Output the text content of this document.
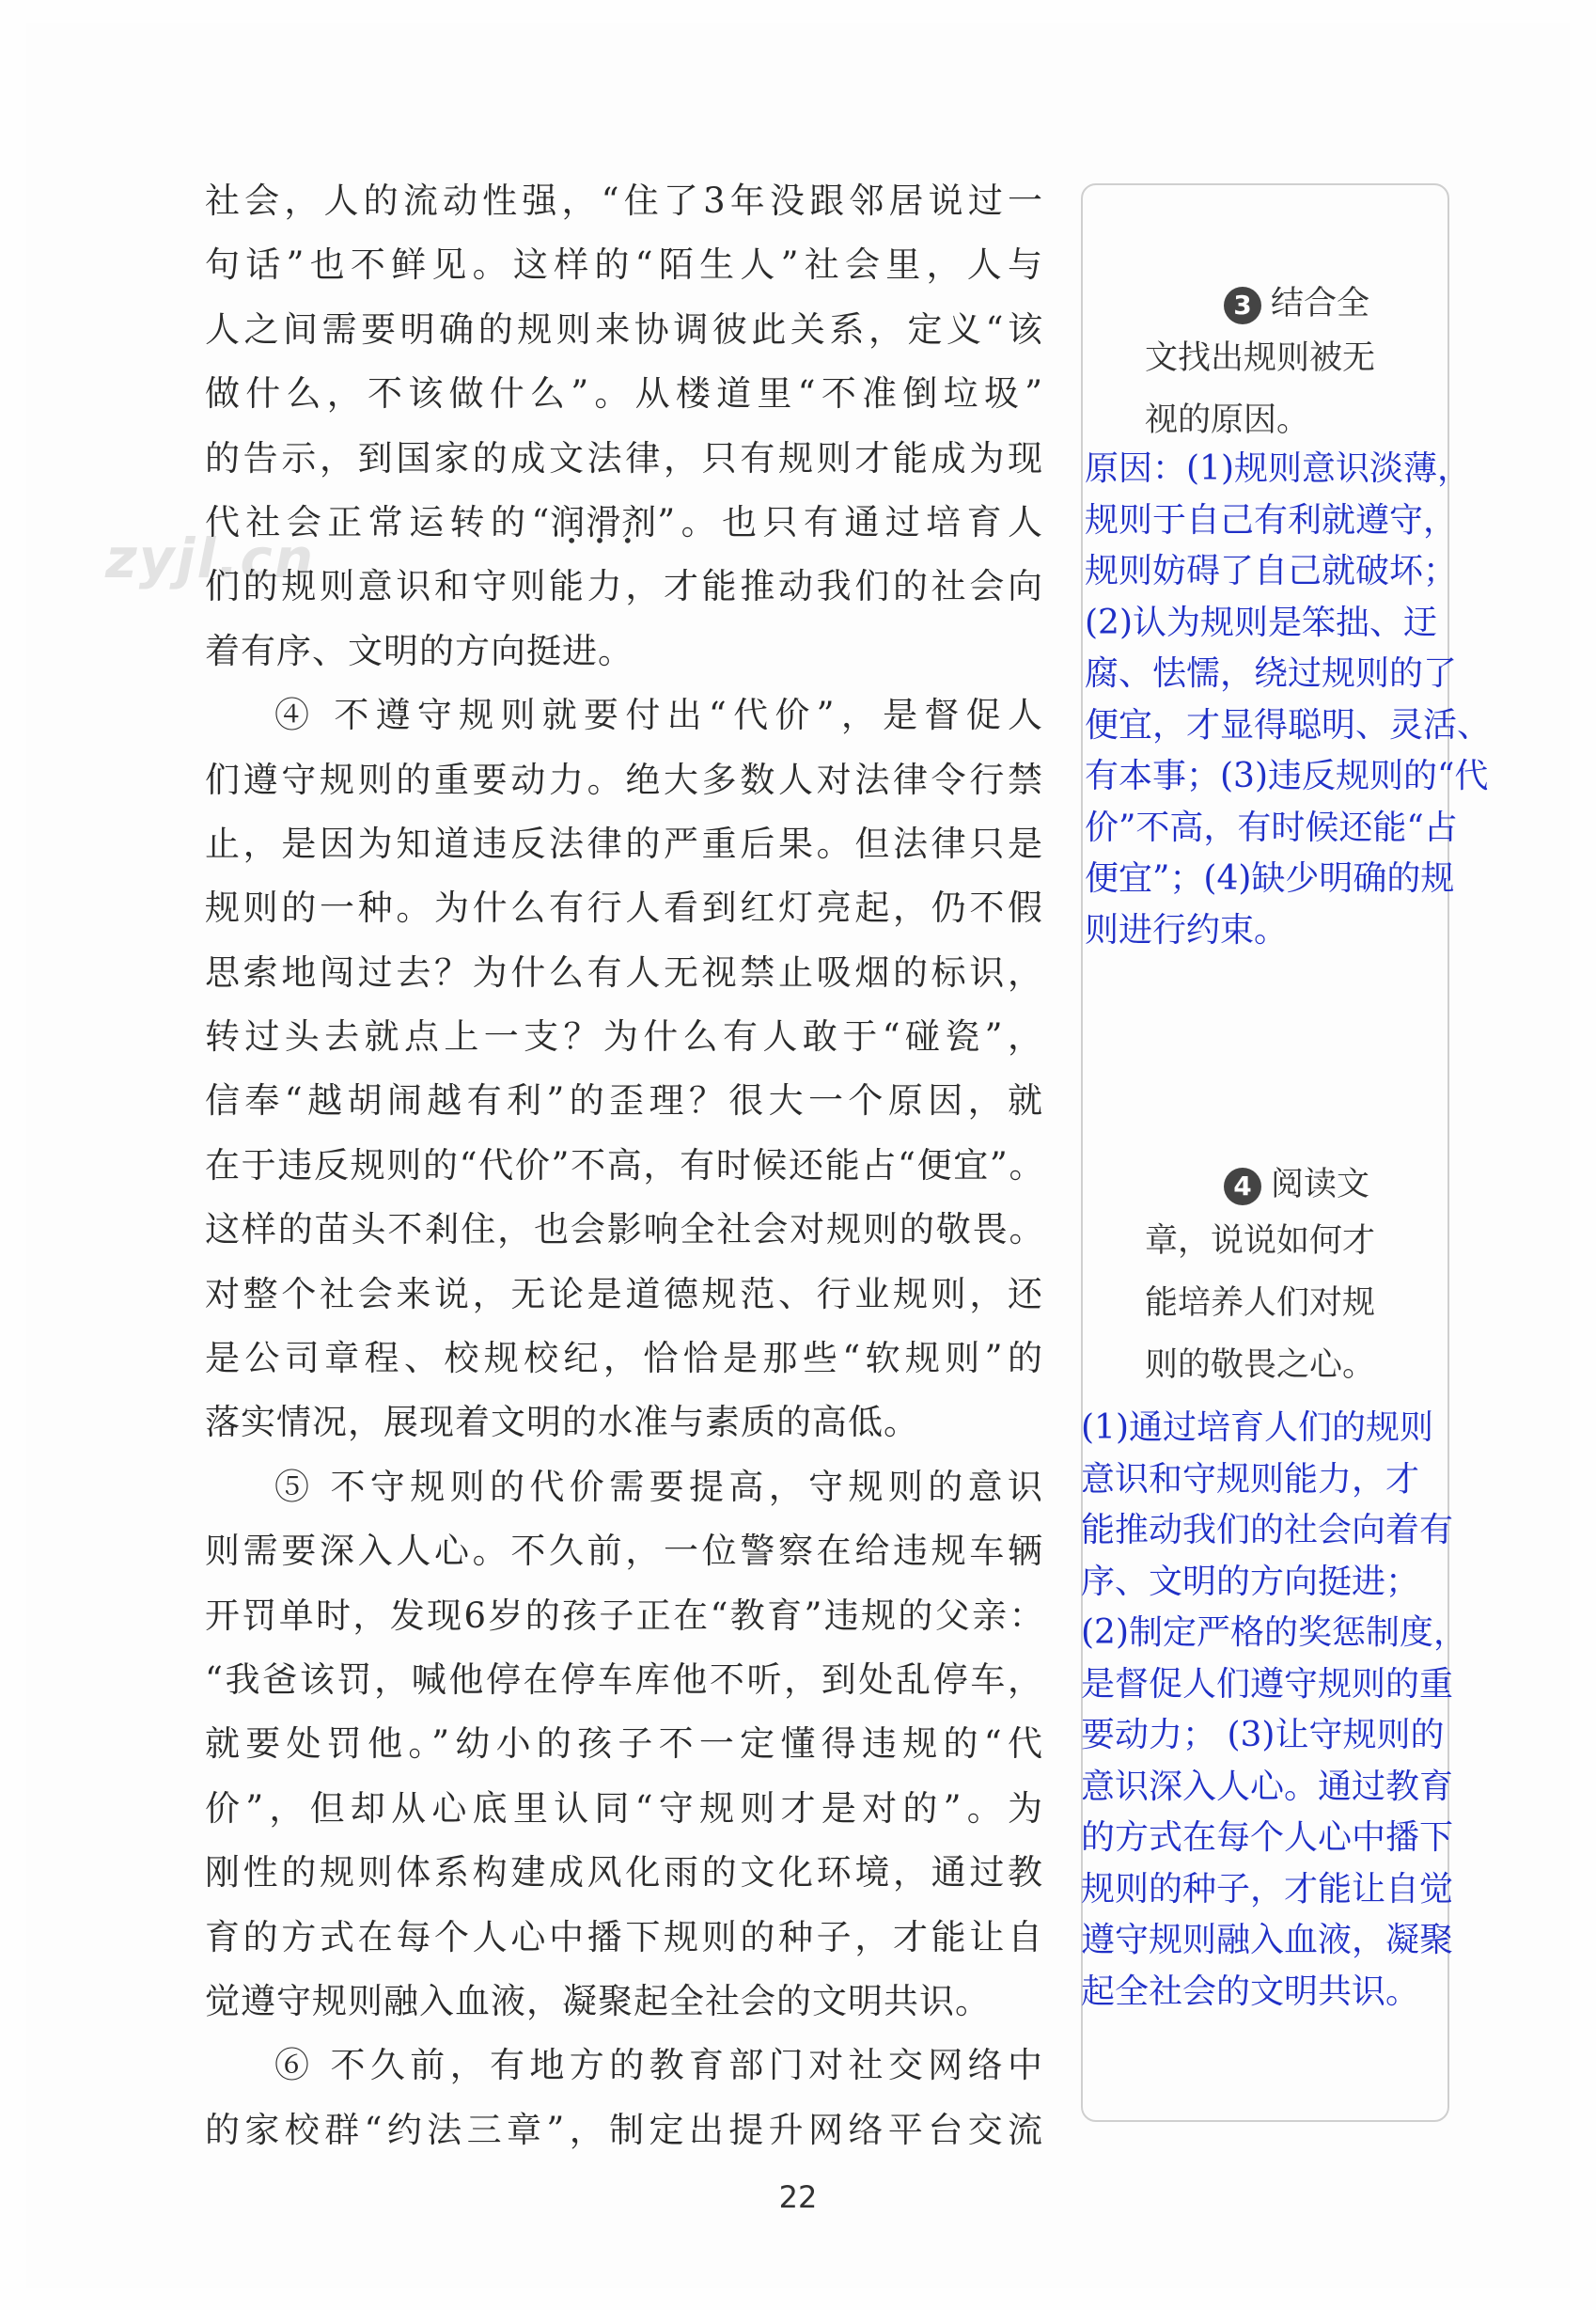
zyjl.cn
社会，人的流动性强，“住了3年没跟邻居说过一
句话”也不鲜见。这样的“陌生人”社会里，人与
人之间需要明确的规则来协调彼此关系，定义“该
做什么，不该做什么”。从楼道里“不准倒垃圾”
的告示，到国家的成文法律，只有规则才能成为现
代社会正常运转的“润滑剂 • • •”。也只有通过培育人
们的规则意识和守则能力，才能推动我们的社会向
着有序、文明的方向挺进。
④ 不遵守规则就要付出“代价”，是督促人
们遵守规则的重要动力。绝大多数人对法律令行禁
止，是因为知道违反法律的严重后果。但法律只是
规则的一种。为什么有行人看到红灯亮起，仍不假
思索地闯过去？为什么有人无视禁止吸烟的标识，
转过头去就点上一支？为什么有人敢于“碰瓷”，
信奉“越胡闹越有利”的歪理？很大一个原因，就
在于违反规则的“代价”不高，有时候还能占“便宜”。
这样的苗头不剎住，也会影响全社会对规则的敬畏。
对整个社会来说，无论是道德规范、行业规则，还
是公司章程、校规校纪，恰恰是那些“软规则”的
落实情况，展现着文明的水准与素质的高低。
⑤ 不守规则的代价需要提高，守规则的意识
则需要深入人心。不久前，一位警察在给违规车辆
开罚单时，发现6岁的孩子正在“教育”违规的父亲：
“我爸该罚，喊他停在停车库他不听，到处乱停车，
就要处罚他。”幼小的孩子不一定懂得违规的“代
价”，但却从心底里认同“守规则才是对的”。为
刚性的规则体系构建成风化雨的文化环境，通过教
育的方式在每个人心中播下规则的种子，才能让自
觉遵守规则融入血液，凝聚起全社会的文明共识。
⑥ 不久前，有地方的教育部门对社交网络中
的家校群“约法三章”，制定出提升网络平台交流
3 结合全
文找出规则被无
视的原因。
原因：(1)规则意识淡薄，
规则于自己有利就遵守，
规则妨碍了自己就破坏；
(2)认为规则是笨拙、迂
腐、怯懦，绕过规则的了
便宜，才显得聪明、灵活、
有本事；(3)违反规则的“代
价”不高，有时候还能“占
便宜”；(4)缺少明确的规
则进行约束。
4 阅读文
章，说说如何才
能培养人们对规
则的敬畏之心。
(1)通过培育人们的规则
意识和守规则能力，才
能推动我们的社会向着有
序、文明的方向挺进；
(2)制定严格的奖惩制度，
是督促人们遵守规则的重
要动力； (3)让守规则的
意识深入人心。通过教育
的方式在每个人心中播下
规则的种子，才能让自觉
遵守规则融入血液，凝聚
起全社会的文明共识。
22
